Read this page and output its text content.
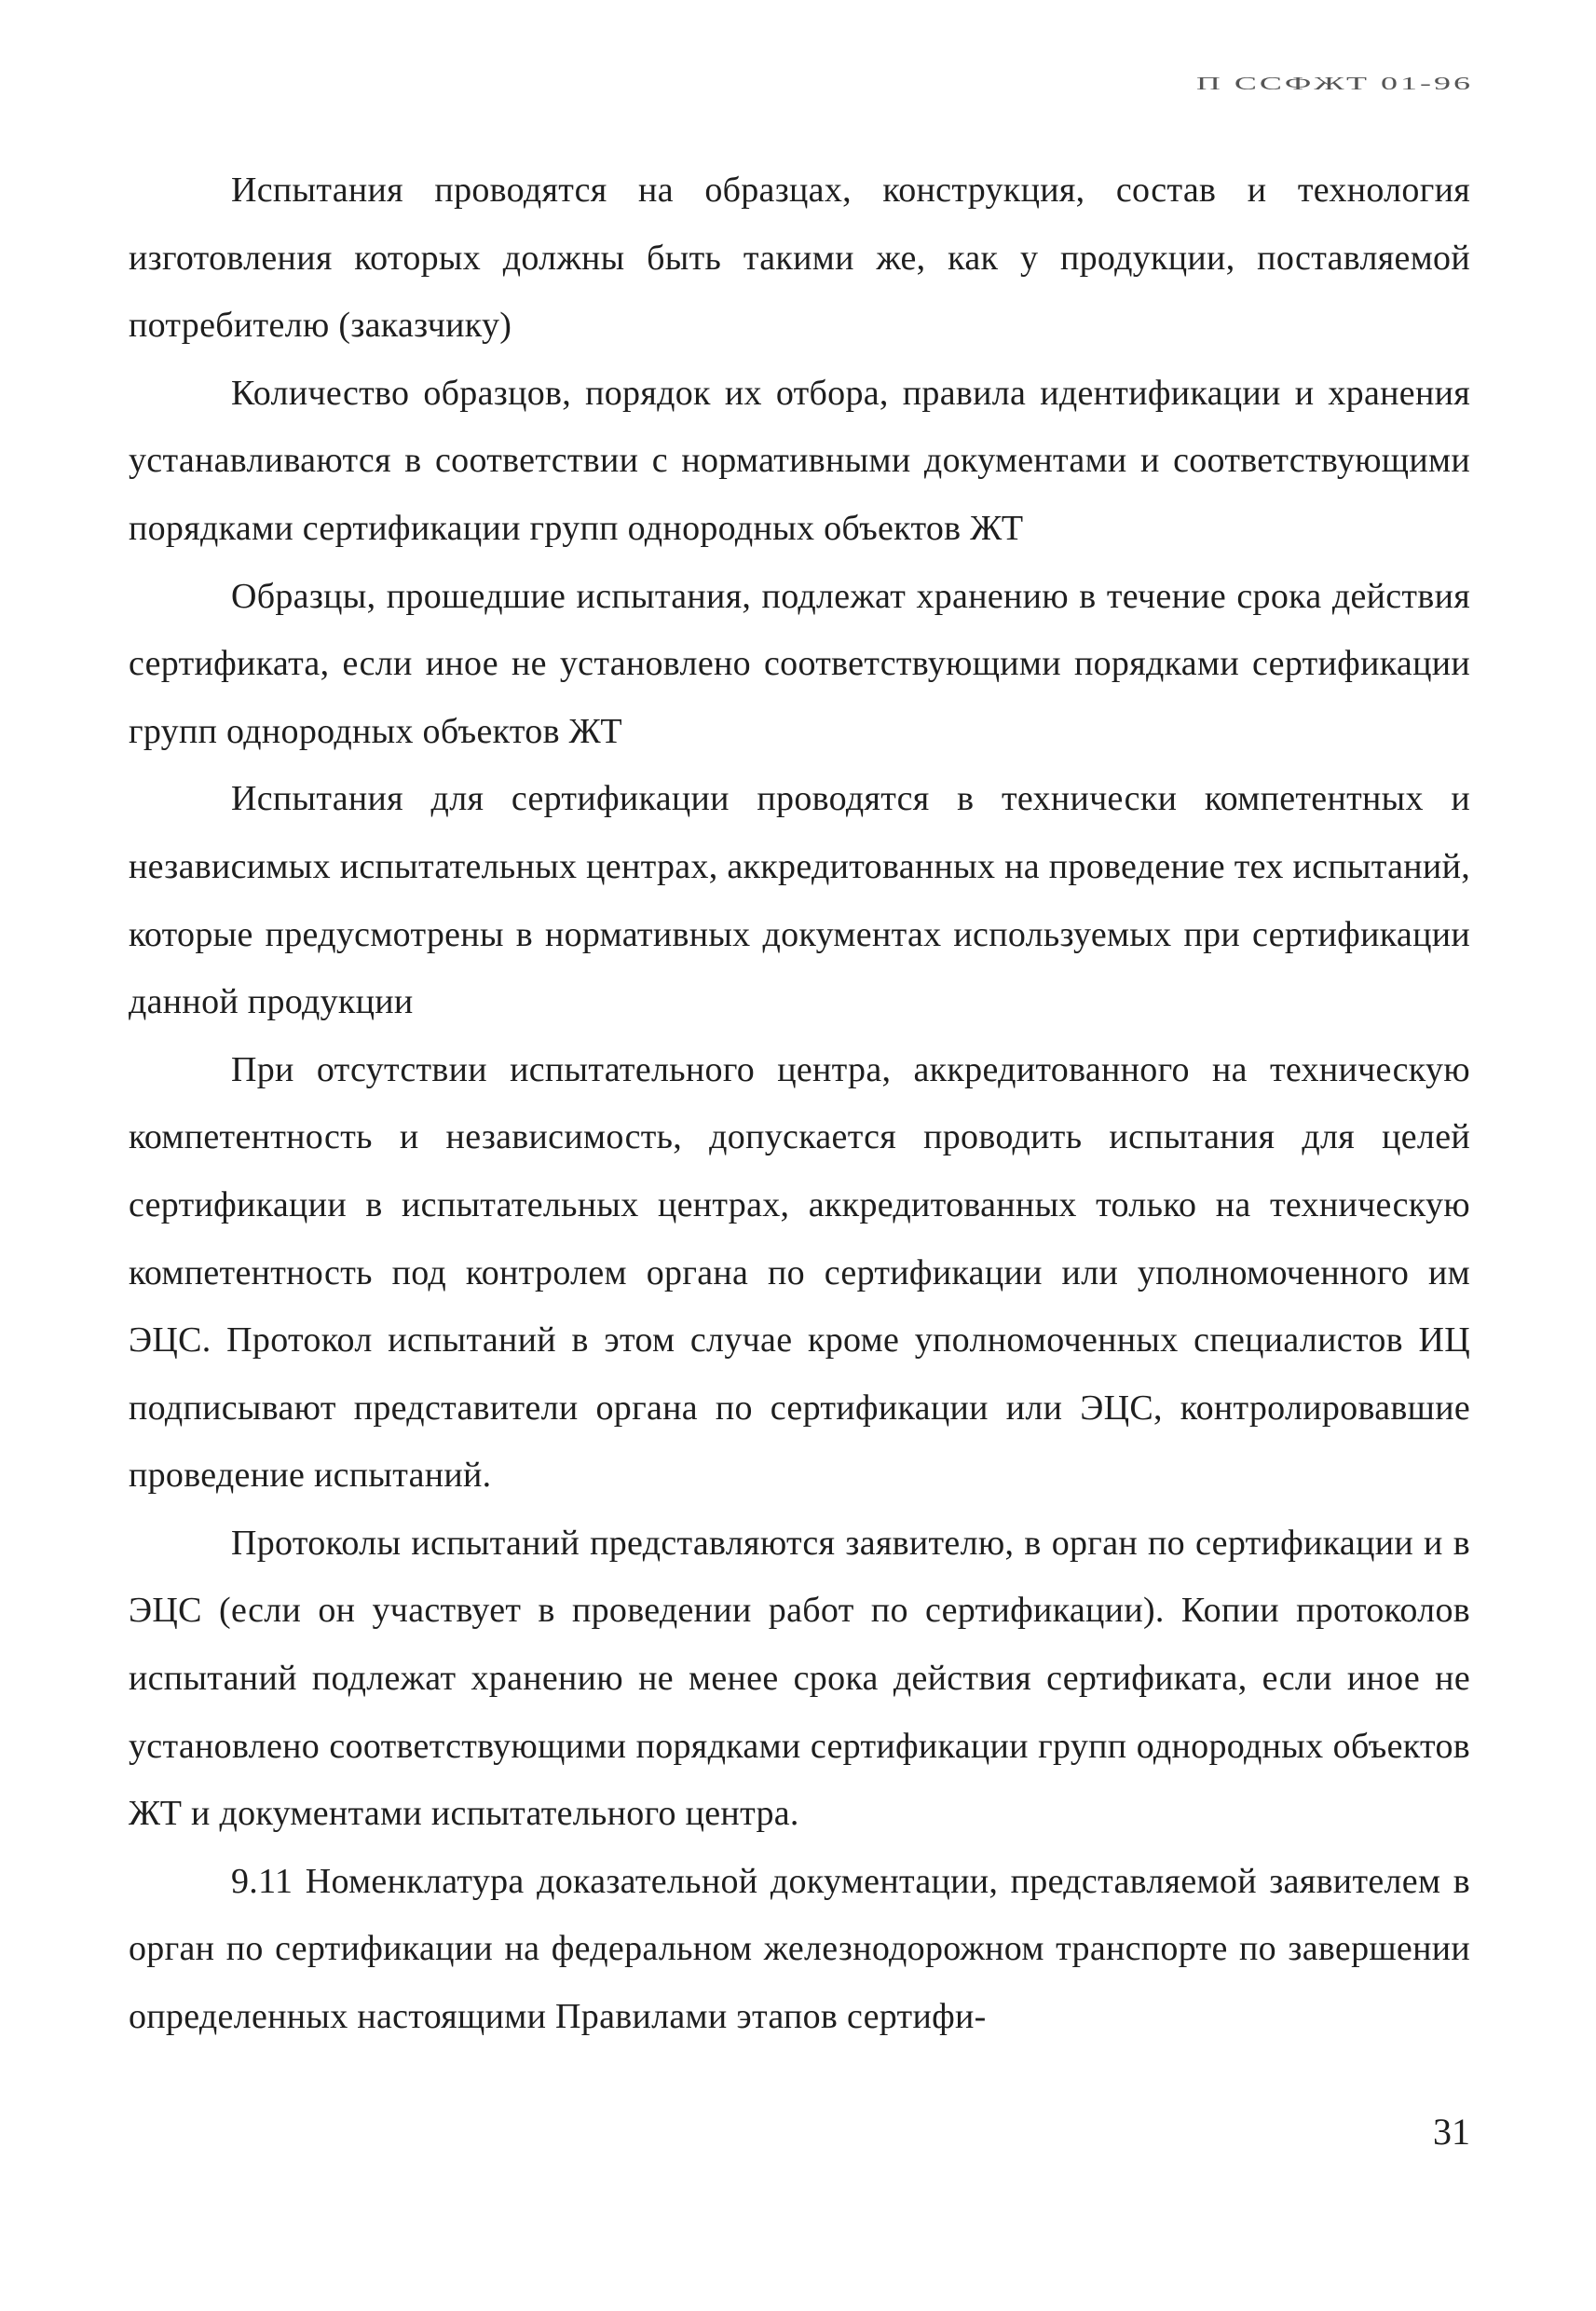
П ССФЖТ 01-96

Испытания проводятся на образцах, конструкция, состав и технология изготовления которых должны быть такими же, как у продукции, поставляемой потребителю (заказчику)

Количество образцов, порядок их отбора, правила идентификации и хранения устанавливаются в соответствии с нормативными документами и соответствующими порядками сертификации групп однородных объектов ЖТ

Образцы, прошедшие испытания, подлежат хранению в течение срока действия сертификата, если иное не установлено соответствующими порядками сертификации групп однородных объектов ЖТ

Испытания для сертификации проводятся в технически компетентных и независимых испытательных центрах, аккредитованных на проведение тех испытаний, которые предусмотрены в нормативных документах используемых при сертификации данной продукции

При отсутствии испытательного центра, аккредитованного на техническую компетентность и независимость, допускается проводить испытания для целей сертификации в испытательных центрах, аккредитованных только на техническую компетентность под контролем органа по сертификации или уполномоченного им ЭЦС. Протокол испытаний в этом случае кроме уполномоченных специалистов ИЦ подписывают представители органа по сертификации или ЭЦС, контролировавшие проведение испытаний.

Протоколы испытаний представляются заявителю, в орган по сертификации и в ЭЦС (если он участвует в проведении работ по сертификации). Копии протоколов испытаний подлежат хранению не менее срока действия сертификата, если иное не установлено соответствующими порядками сертификации групп однородных объектов ЖТ и документами испытательного центра.

9.11 Номенклатура доказательной документации, представляемой заявителем в орган по сертификации на федеральном железнодорожном транспорте по завершении определенных настоящими Правилами этапов сертифи-

31
